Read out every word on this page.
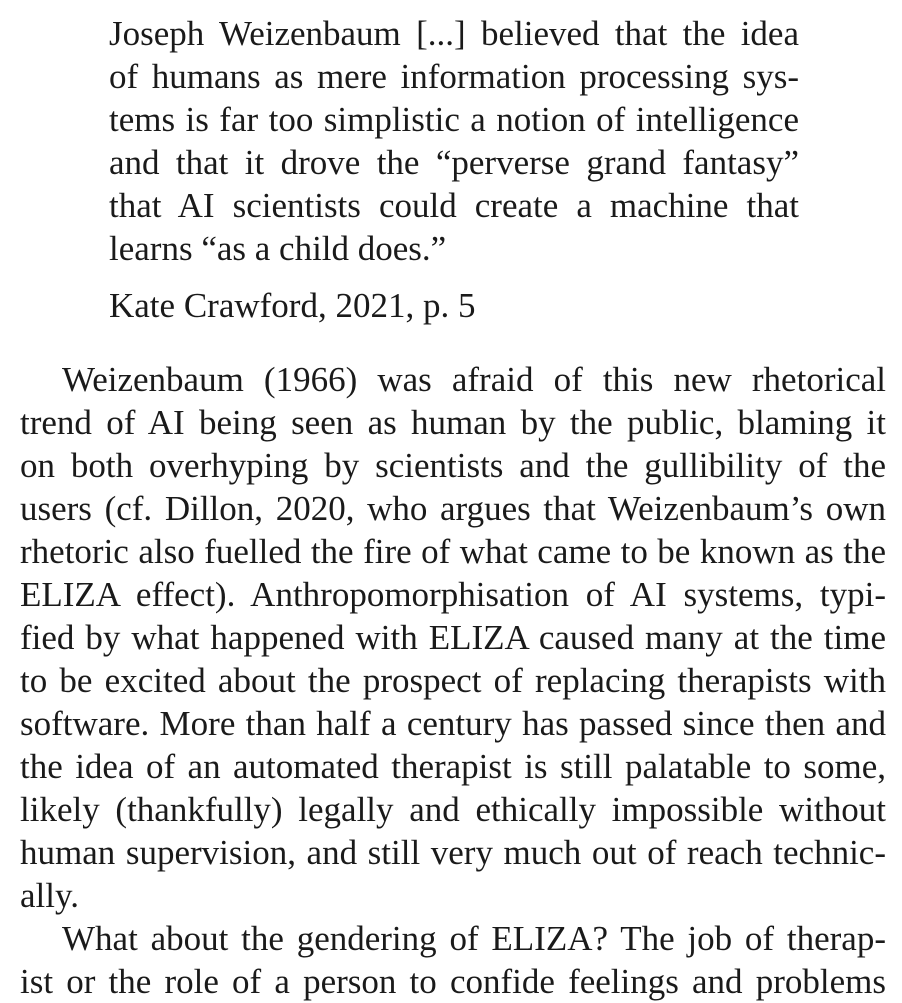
Joseph Weizenbaum [...] believed that the idea
of humans as mere information processing sys-
tems is far too simplistic a notion of intelligence
and that it drove the “perverse grand fantasy”
that AI scientists could create a machine that
learns “as a child does.”
Kate Crawford, 2021, p. 5
Weizenbaum (1966) was afraid of this new rhetorical
trend of AI being seen as human by the public, blaming it
on both overhyping by scientists and the gullibility of the
users (cf. Dillon, 2020, who argues that Weizenbaum’s own
rhetoric also fuelled the fire of what came to be known as the
ELIZA effect). Anthropomorphisation of AI systems, typi-
fied by what happened with ELIZA caused many at the time
to be excited about the prospect of replacing therapists with
software. More than half a century has passed since then and
the idea of an automated therapist is still palatable to some,
likely (thankfully) legally and ethically impossible without
human supervision, and still very much out of reach technic-
ally.
What about the gendering of ELIZA? The job of therap-
ist or the role of a person to confide feelings and problems
